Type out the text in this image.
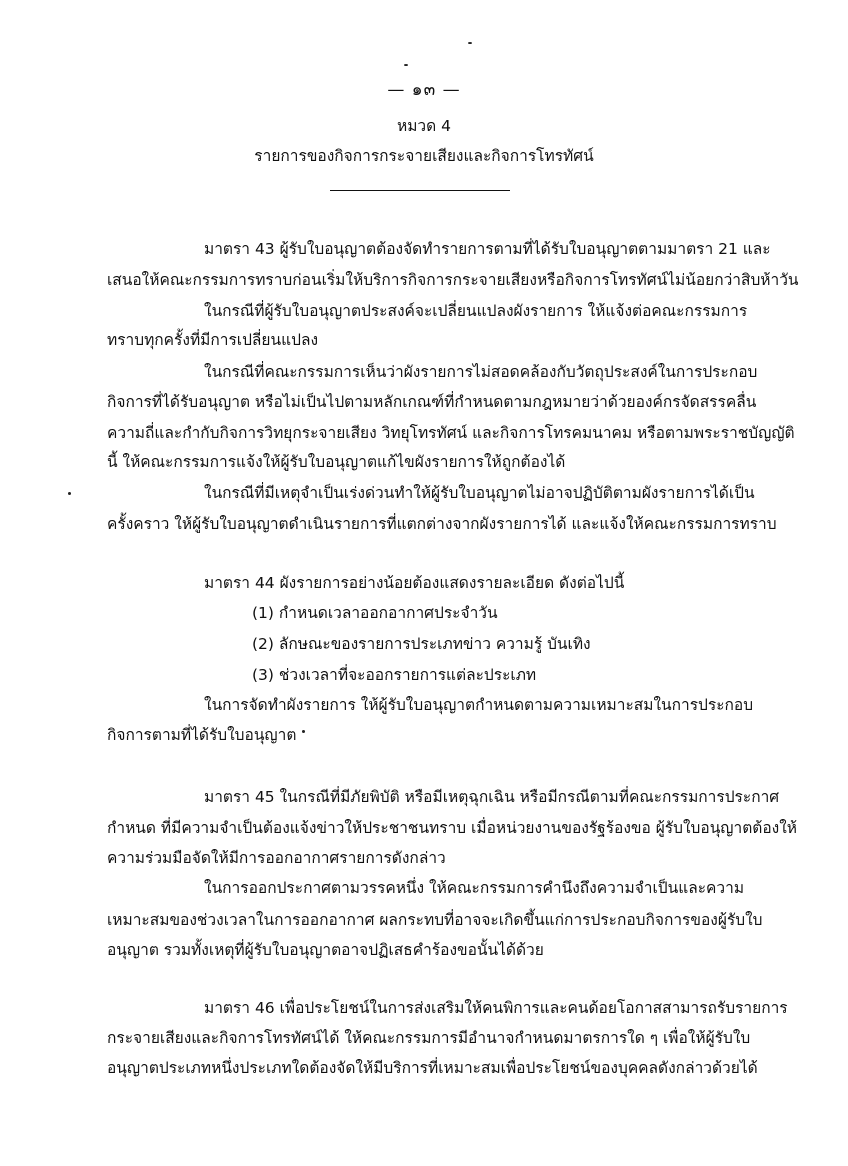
— ๑๓ —
หมวด 4
รายการของกิจการกระจายเสียงและกิจการโทรทัศน์
มาตรา 43 ผู้รับใบอนุญาตต้องจัดทำรายการตามที่ได้รับใบอนุญาตตามมาตรา 21 และ
เสนอให้คณะกรรมการทราบก่อนเริ่มให้บริการกิจการกระจายเสียงหรือกิจการโทรทัศน์ไม่น้อยกว่าสิบห้าวัน
ในกรณีที่ผู้รับใบอนุญาตประสงค์จะเปลี่ยนแปลงผังรายการ ให้แจ้งต่อคณะกรรมการ
ทราบทุกครั้งที่มีการเปลี่ยนแปลง
ในกรณีที่คณะกรรมการเห็นว่าผังรายการไม่สอดคล้องกับวัตถุประสงค์ในการประกอบ
กิจการที่ได้รับอนุญาต หรือไม่เป็นไปตามหลักเกณฑ์ที่กำหนดตามกฎหมายว่าด้วยองค์กรจัดสรรคลื่น
ความถี่และกำกับกิจการวิทยุกระจายเสียง วิทยุโทรทัศน์ และกิจการโทรคมนาคม หรือตามพระราชบัญญัติ
นี้ ให้คณะกรรมการแจ้งให้ผู้รับใบอนุญาตแก้ไขผังรายการให้ถูกต้องได้
ในกรณีที่มีเหตุจำเป็นเร่งด่วนทำให้ผู้รับใบอนุญาตไม่อาจปฏิบัติตามผังรายการได้เป็น
ครั้งคราว ให้ผู้รับใบอนุญาตดำเนินรายการที่แตกต่างจากผังรายการได้ และแจ้งให้คณะกรรมการทราบ
มาตรา 44 ผังรายการอย่างน้อยต้องแสดงรายละเอียด ดังต่อไปนี้
(1) กำหนดเวลาออกอากาศประจำวัน
(2) ลักษณะของรายการประเภทข่าว ความรู้ บันเทิง
(3) ช่วงเวลาที่จะออกรายการแต่ละประเภท
ในการจัดทำผังรายการ ให้ผู้รับใบอนุญาตกำหนดตามความเหมาะสมในการประกอบ
กิจการตามที่ได้รับใบอนุญาต
มาตรา 45 ในกรณีที่มีภัยพิบัติ หรือมีเหตุฉุกเฉิน หรือมีกรณีตามที่คณะกรรมการประกาศ
กำหนด ที่มีความจำเป็นต้องแจ้งข่าวให้ประชาชนทราบ เมื่อหน่วยงานของรัฐร้องขอ ผู้รับใบอนุญาตต้องให้
ความร่วมมือจัดให้มีการออกอากาศรายการดังกล่าว
ในการออกประกาศตามวรรคหนึ่ง ให้คณะกรรมการคำนึงถึงความจำเป็นและความ
เหมาะสมของช่วงเวลาในการออกอากาศ ผลกระทบที่อาจจะเกิดขึ้นแก่การประกอบกิจการของผู้รับใบ
อนุญาต รวมทั้งเหตุที่ผู้รับใบอนุญาตอาจปฏิเสธคำร้องขอนั้นได้ด้วย
มาตรา 46 เพื่อประโยชน์ในการส่งเสริมให้คนพิการและคนด้อยโอกาสสามารถรับรายการ
กระจายเสียงและกิจการโทรทัศน์ได้ ให้คณะกรรมการมีอำนาจกำหนดมาตรการใด ๆ เพื่อให้ผู้รับใบ
อนุญาตประเภทหนึ่งประเภทใดต้องจัดให้มีบริการที่เหมาะสมเพื่อประโยชน์ของบุคคลดังกล่าวด้วยได้
